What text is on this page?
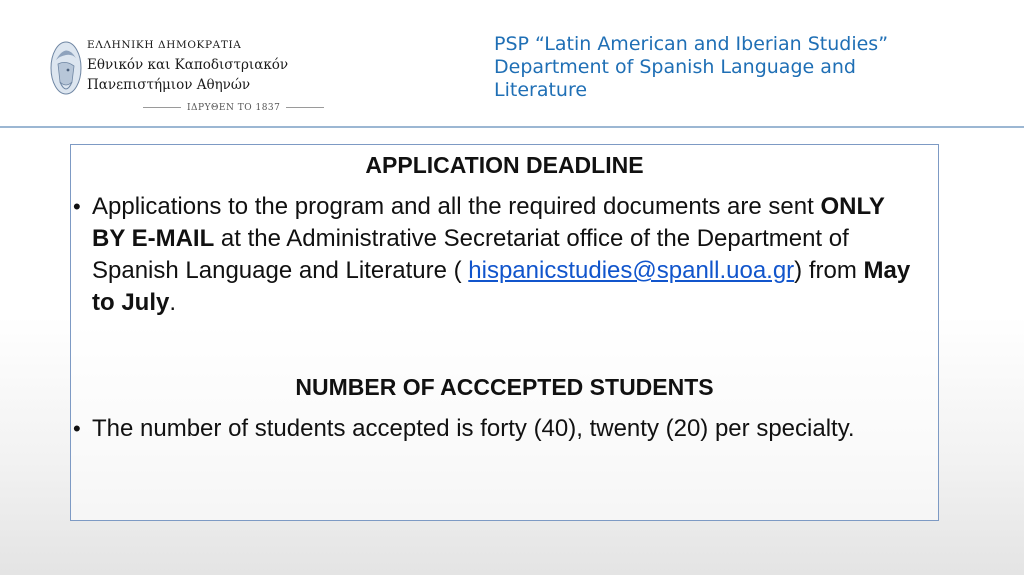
ΕΛΛΗΝΙΚΗ ΔΗΜΟΚΡΑΤΙΑ
Εθνικόν και Καποδιστριακόν
Πανεπιστήμιον Αθηνών
ΙΔΡΥΘΕΝ ΤΟ 1837
PSP “Latin American and Iberian Studies”
Department of Spanish Language and
Literature
APPLICATION DEADLINE
• Applications to the program and all the required documents are sent ONLY BY E-MAIL at the Administrative Secretariat office of the Department of Spanish Language and Literature ( hispanicstudies@spanll.uoa.gr) from May to July.
NUMBER OF ACCCEPTED STUDENTS
• The number of students accepted is forty (40), twenty (20) per specialty.
